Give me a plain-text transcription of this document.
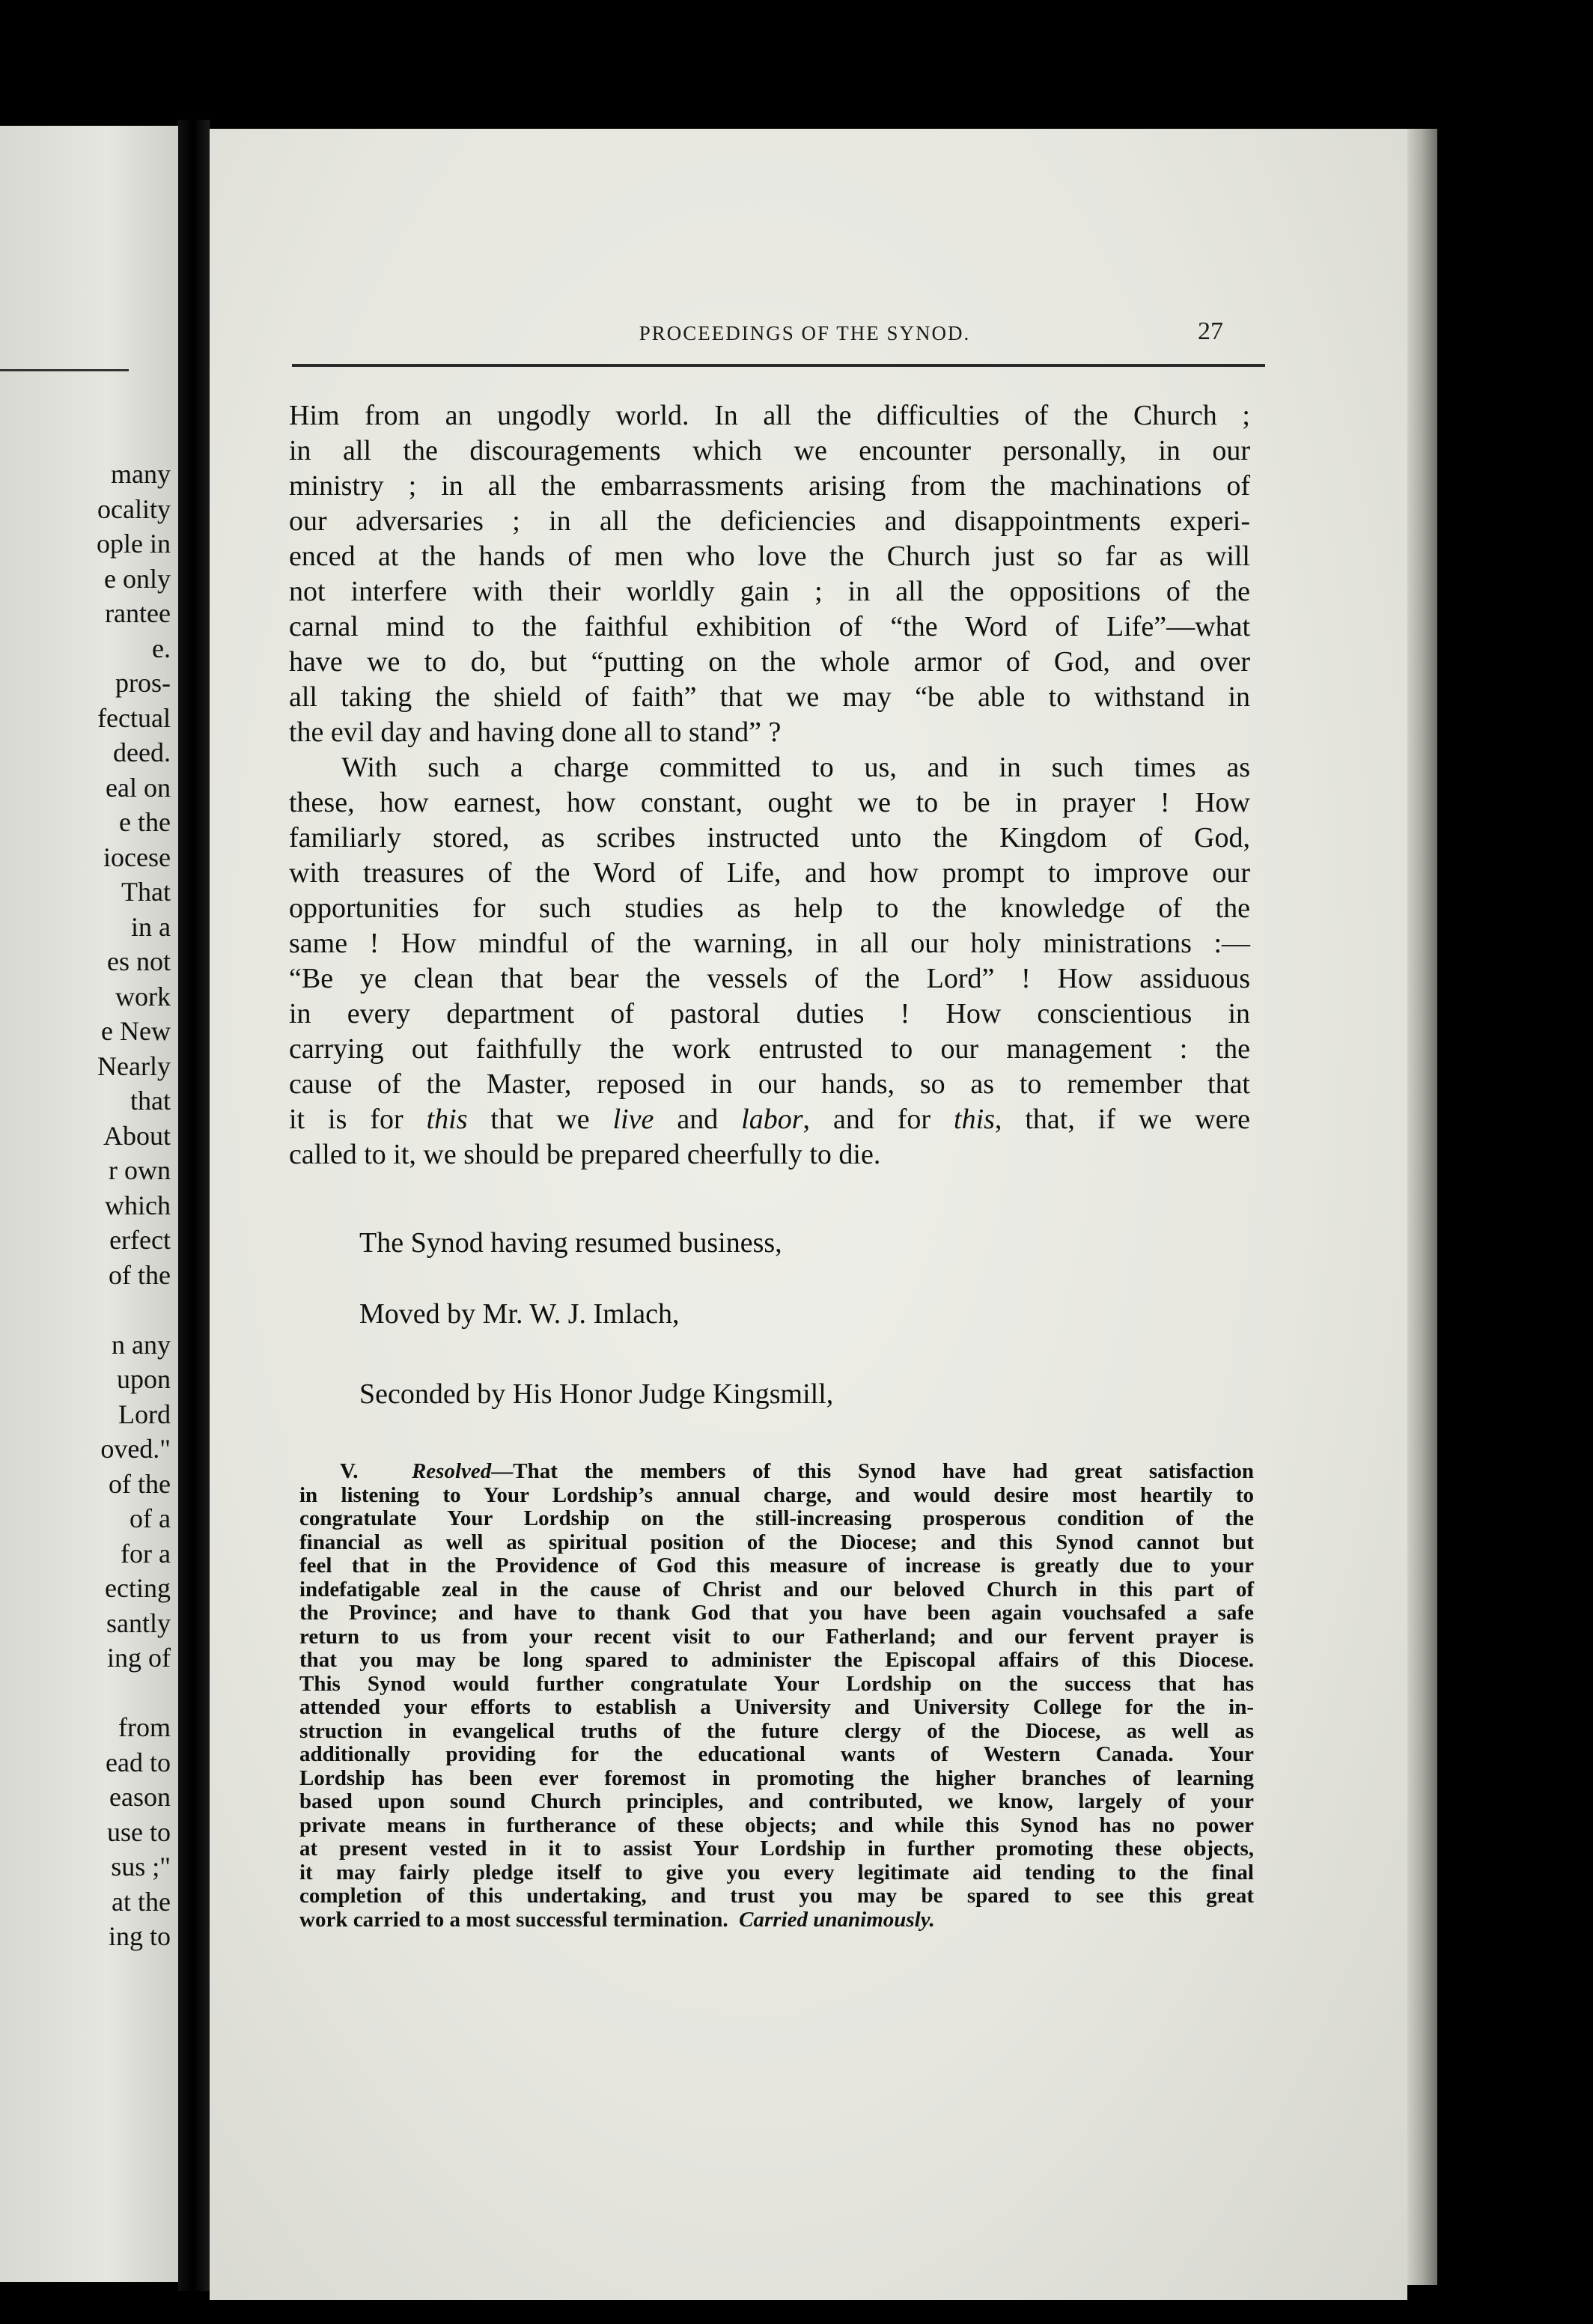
many
ocality
ople in
e only
rantee
e.
pros-
fectual
deed.
eal on
e the
iocese
That
in a
es not
work
e New
Nearly
that
About
r own
which
erfect
of the
n any
upon
Lord
oved."
of the
of a
for a
ecting
santly
ing of
from
ead to
eason
use to
sus ;"
at the
ing to
PROCEEDINGS OF THE SYNOD.	27
Him from an ungodly world. In all the difficulties of the Church ;
in all the discouragements which we encounter personally, in our
ministry ; in all the embarrassments arising from the machinations of
our adversaries ; in all the deficiencies and disappointments experi-
enced at the hands of men who love the Church just so far as will
not interfere with their worldly gain ; in all the oppositions of the
carnal mind to the faithful exhibition of “the Word of Life”—what
have we to do, but “putting on the whole armor of God, and over
all taking the shield of faith” that we may “be able to withstand in
the evil day and having done all to stand” ?
With such a charge committed to us, and in such times as
these, how earnest, how constant, ought we to be in prayer ! How
familiarly stored, as scribes instructed unto the Kingdom of God,
with treasures of the Word of Life, and how prompt to improve our
opportunities for such studies as help to the knowledge of the
same ! How mindful of the warning, in all our holy ministrations :—
“Be ye clean that bear the vessels of the Lord” ! How assiduous
in every department of pastoral duties ! How conscientious in
carrying out faithfully the work entrusted to our management : the
cause of the Master, reposed in our hands, so as to remember that
it is for this that we live and labor, and for this, that, if we were
called to it, we should be prepared cheerfully to die.
The Synod having resumed business,
Moved by Mr. W. J. Imlach,
Seconded by His Honor Judge Kingsmill,
V. Resolved—That the members of this Synod have had great satisfaction
in listening to Your Lordship’s annual charge, and would desire most heartily to
congratulate Your Lordship on the still-increasing prosperous condition of the
financial as well as spiritual position of the Diocese; and this Synod cannot but
feel that in the Providence of God this measure of increase is greatly due to your
indefatigable zeal in the cause of Christ and our beloved Church in this part of
the Province; and have to thank God that you have been again vouchsafed a safe
return to us from your recent visit to our Fatherland; and our fervent prayer is
that you may be long spared to administer the Episcopal affairs of this Diocese.
This Synod would further congratulate Your Lordship on the success that has
attended your efforts to establish a University and University College for the in-
struction in evangelical truths of the future clergy of the Diocese, as well as
additionally providing for the educational wants of Western Canada. Your
Lordship has been ever foremost in promoting the higher branches of learning
based upon sound Church principles, and contributed, we know, largely of your
private means in furtherance of these objects; and while this Synod has no power
at present vested in it to assist Your Lordship in further promoting these objects,
it may fairly pledge itself to give you every legitimate aid tending to the final
completion of this undertaking, and trust you may be spared to see this great
work carried to a most successful termination. Carried unanimously.
